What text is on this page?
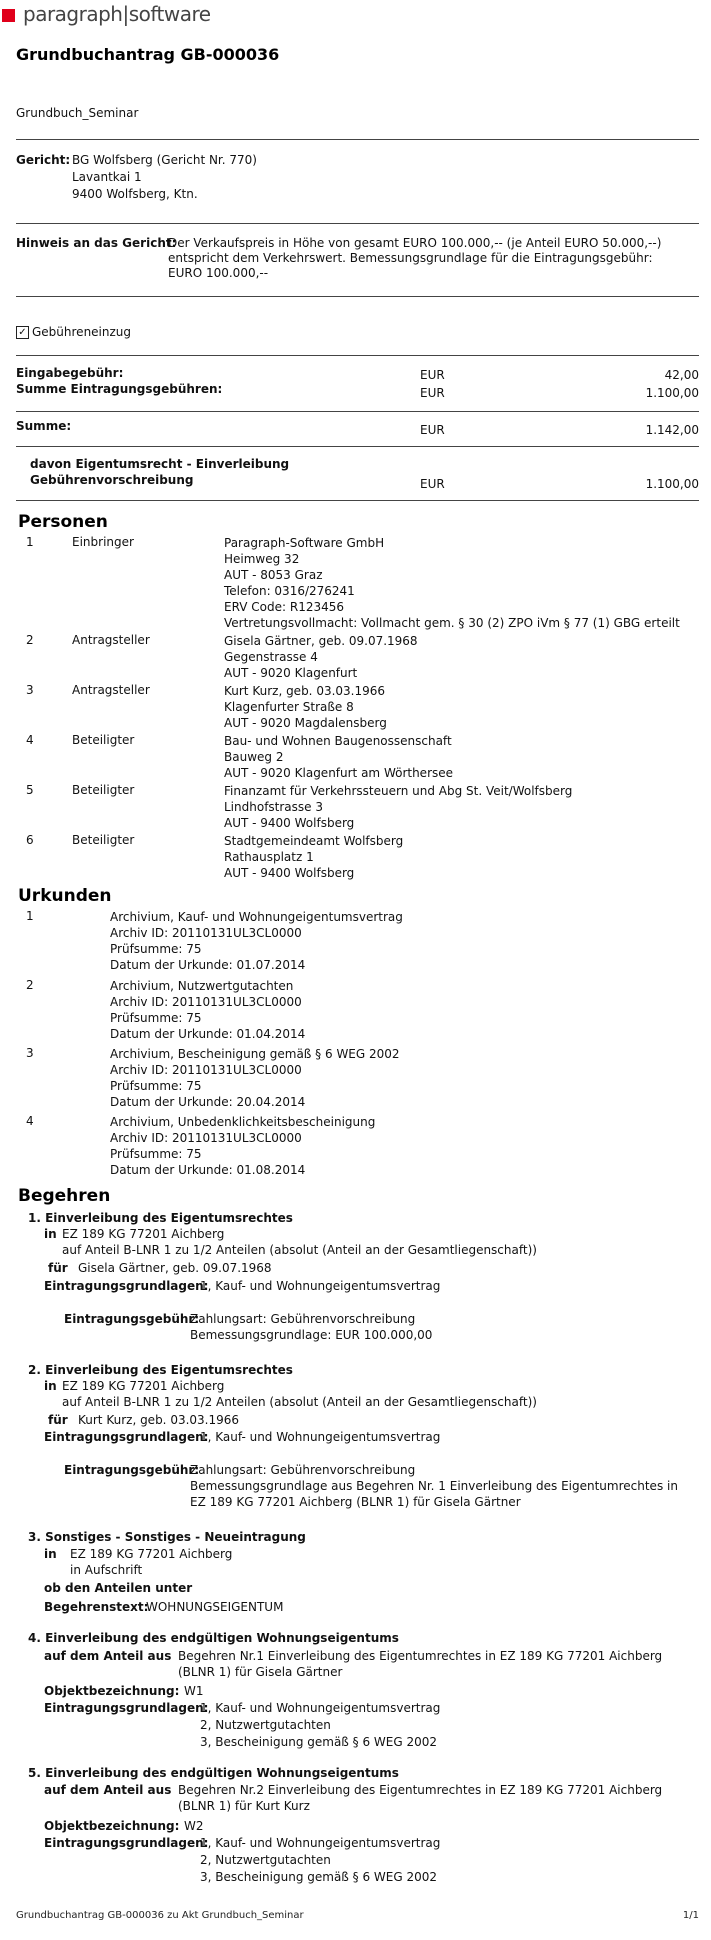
paragraph|software
Grundbuchantrag GB-000036
Grundbuch_Seminar
Gericht: BG Wolfsberg (Gericht Nr. 770)
Lavantkai 1
9400 Wolfsberg, Ktn.
Hinweis an das Gericht:
Der Verkaufspreis in Höhe von gesamt EURO 100.000,-- (je Anteil EURO 50.000,--)
entspricht dem Verkehrswert. Bemessungsgrundlage für die Eintragungsgebühr:
EURO 100.000,--
✓ Gebühreneinzug
Eingabegebühr:	EUR	42,00
Summe Eintragungsgebühren:	EUR	1.100,00
Summe:	EUR	1.142,00
davon Eigentumsrecht - Einverleibung
Gebührenvorschreibung	EUR	1.100,00
Personen
1	Einbringer	Paragraph-Software GmbH
Heimweg 32
AUT - 8053 Graz
Telefon: 0316/276241
ERV Code: R123456
Vertretungsvollmacht: Vollmacht gem. § 30 (2) ZPO iVm § 77 (1) GBG erteilt
2	Antragsteller	Gisela Gärtner, geb. 09.07.1968
Gegenstrasse 4
AUT - 9020 Klagenfurt
3	Antragsteller	Kurt Kurz, geb. 03.03.1966
Klagenfurter Straße 8
AUT - 9020 Magdalensberg
4	Beteiligter	Bau- und Wohnen Baugenossenschaft
Bauweg 2
AUT - 9020 Klagenfurt am Wörthersee
5	Beteiligter	Finanzamt für Verkehrssteuern und Abg St. Veit/Wolfsberg
Lindhofstrasse 3
AUT - 9400 Wolfsberg
6	Beteiligter	Stadtgemeindeamt Wolfsberg
Rathausplatz 1
AUT - 9400 Wolfsberg
Urkunden
1	Archivium, Kauf- und Wohnungeigentumsvertrag
Archiv ID: 20110131UL3CL0000
Prüfsumme: 75
Datum der Urkunde: 01.07.2014
2	Archivium, Nutzwertgutachten
Archiv ID: 20110131UL3CL0000
Prüfsumme: 75
Datum der Urkunde: 01.04.2014
3	Archivium, Bescheinigung gemäß § 6 WEG 2002
Archiv ID: 20110131UL3CL0000
Prüfsumme: 75
Datum der Urkunde: 20.04.2014
4	Archivium, Unbedenklichkeitsbescheinigung
Archiv ID: 20110131UL3CL0000
Prüfsumme: 75
Datum der Urkunde: 01.08.2014
Begehren
1. Einverleibung des Eigentumsrechtes
in EZ 189 KG 77201 Aichberg
auf Anteil B-LNR 1 zu 1/2 Anteilen (absolut (Anteil an der Gesamtliegenschaft))
für Gisela Gärtner, geb. 09.07.1968
Eintragungsgrundlagen:
1, Kauf- und Wohnungeigentumsvertrag
Eintragungsgebühr:
Zahlungsart: Gebührenvorschreibung
Bemessungsgrundlage: EUR 100.000,00
2. Einverleibung des Eigentumsrechtes
in EZ 189 KG 77201 Aichberg
auf Anteil B-LNR 1 zu 1/2 Anteilen (absolut (Anteil an der Gesamtliegenschaft))
für Kurt Kurz, geb. 03.03.1966
Eintragungsgrundlagen:
1, Kauf- und Wohnungeigentumsvertrag
Eintragungsgebühr:
Zahlungsart: Gebührenvorschreibung
Bemessungsgrundlage aus Begehren Nr. 1 Einverleibung des Eigentumrechtes in
EZ 189 KG 77201 Aichberg (BLNR 1) für Gisela Gärtner
3. Sonstiges - Sonstiges - Neueintragung
in EZ 189 KG 77201 Aichberg
in Aufschrift
ob den Anteilen unter
Begehrenstext:
WOHNUNGSEIGENTUM
4. Einverleibung des endgültigen Wohnungseigentums
auf dem Anteil aus Begehren Nr.1 Einverleibung des Eigentumrechtes in EZ 189 KG 77201 Aichberg
(BLNR 1) für Gisela Gärtner
Objektbezeichnung: W1
Eintragungsgrundlagen:
1, Kauf- und Wohnungeigentumsvertrag
2, Nutzwertgutachten
3, Bescheinigung gemäß § 6 WEG 2002
5. Einverleibung des endgültigen Wohnungseigentums
auf dem Anteil aus Begehren Nr.2 Einverleibung des Eigentumrechtes in EZ 189 KG 77201 Aichberg
(BLNR 1) für Kurt Kurz
Objektbezeichnung: W2
Eintragungsgrundlagen:
1, Kauf- und Wohnungeigentumsvertrag
2, Nutzwertgutachten
3, Bescheinigung gemäß § 6 WEG 2002
Grundbuchantrag GB-000036 zu Akt Grundbuch_Seminar	1/1
